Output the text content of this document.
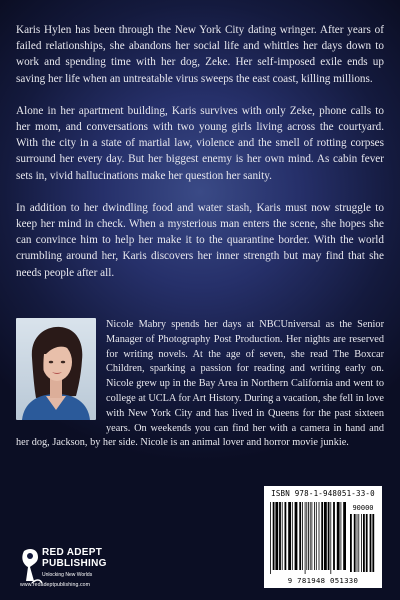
Karis Hylen has been through the New York City dating wringer. After years of failed relationships, she abandons her social life and whittles her days down to work and spending time with her dog, Zeke. Her self-imposed exile ends up saving her life when an untreatable virus sweeps the east coast, killing millions.

Alone in her apartment building, Karis survives with only Zeke, phone calls to her mom, and conversations with two young girls living across the courtyard. With the city in a state of martial law, violence and the smell of rotting corpses surround her every day. But her biggest enemy is her own mind. As cabin fever sets in, vivid hallucinations make her question her sanity.

In addition to her dwindling food and water stash, Karis must now struggle to keep her mind in check. When a mysterious man enters the scene, she hopes she can convince him to help her make it to the quarantine border. With the world crumbling around her, Karis discovers her inner strength but may find that she needs people after all.

Nicole Mabry spends her days at NBCUniversal as the Senior Manager of Photography Post Production. Her nights are reserved for writing novels. At the age of seven, she read The Boxcar Children, sparking a passion for reading and writing early on. Nicole grew up in the Bay Area in Northern California and went to college at UCLA for Art History. During a vacation, she fell in love with New York City and has lived in Queens for the past sixteen years. On weekends you can find her with a camera in hand and her dog, Jackson, by her side. Nicole is an animal lover and horror movie junkie.

ISBN 978-1-948051-33-0
90000
9 781948 051330
RED ADEPT
PUBLISHING
Unlocking New Worlds
www.redadeptpublishing.com
